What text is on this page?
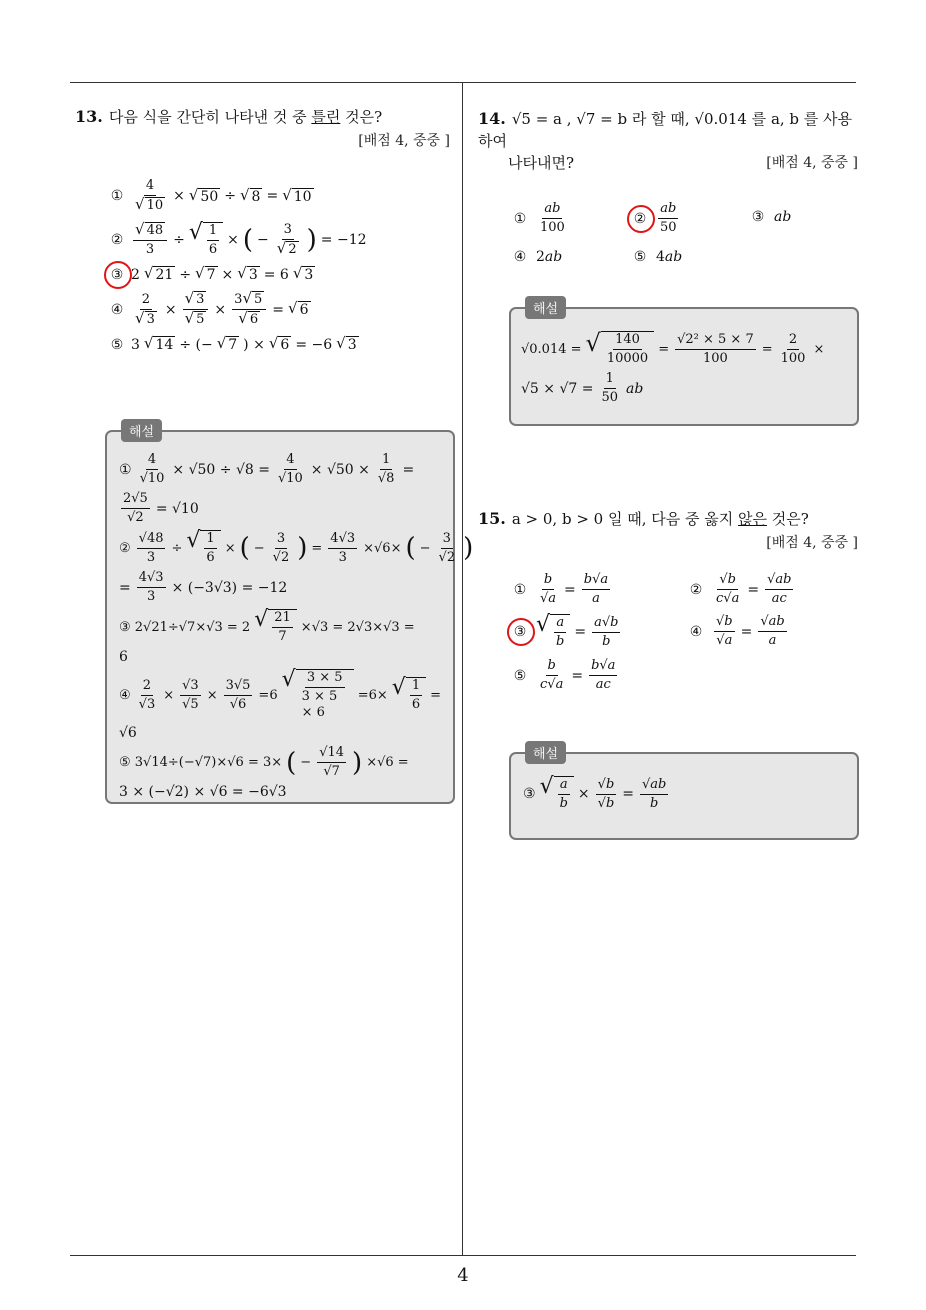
13. 다음 식을 간단히 나타낸 것 중 틀린 것은?

[배점 4, 중중 ]
① $\frac{4}{√ 10}$ × √ 50 ÷ √ 8 = √ 10
② $\frac{√ 48}{3}$ ÷ √ $\frac{1}{6}$ × ( − $\frac{3}{√ 2}$ ) = −12
③ 2 √ 21 ÷ √ 7 × √ 3 = 6 √ 3
④ $\frac{2}{√ 3} \times \frac{√ 3}{√ 5} \times \frac{3 √ 5}{√ 6}$ = √ 6
⑤ 3 √ 14 ÷ (− √ 7 ) × √ 6 = −6 √ 3
해설
① $\frac{4}{√10} \times √50 \div √8 = \frac{4}{√10} \times √50 \times \frac{1}{√8}$ =
$\frac{2√5}{√2} = √10$
② $\frac{√48}{3}$ ÷ √ $\frac{1}{6}$ × ( − $\frac{3}{√2}$ ) = $\frac{4√3}{3} \times√6\times$ ( − $\frac{3}{√2}$ )
= $\frac{4√3}{3} \times (-3√3) = -12$
③ 2√21÷√7×√3 = 2 √ $\frac{21}{7} \times√3 = 2√3\times√3$ =
6
④ $\frac{2}{√3} \times \frac{√3}{√5} \times \frac{3√5}{√6} =6$
√ $\frac{3 \times 5}{3 \times 5 \times 6} =6\times$ √ $\frac{1}{6}$ =
√6
⑤ 3√14÷(−√7)×√6 = 3× ( − $\frac{√14}{√7}$ ) ×√6 =
3 × (−√2) × √6 = −6√3

14. √5 = a , √7 = b 라 할 때, √0.014 를 a, b 를 사용하여

나타내면?	[배점 4, 중중 ]
① $\frac{ab}{100}$	② $\frac{ab}{50}$	③ ab
④ 2ab	⑤ 4ab
해설
√0.014 = √ $\frac{140}{10000} = \frac{\text{√2² × 5 × 7}}{100} = \frac{2}{100}$ ×
$√5 \times √7 = \frac{1}{50}$ ab

15. a > 0, b > 0 일 때, 다음 중 옳지 않은 것은?

[배점 4, 중중 ]
① $\frac{b}{√a} = \frac{b√a}{a}$	② $\frac{√b}{c√a} = \frac{√ab}{ac}$
③ √ $\frac{a}{b} = \frac{a√b}{b}$	④ $\frac{√b}{√a} = \frac{√ab}{a}$
⑤ $\frac{b}{c√a} = \frac{b√a}{ac}$
해설
③ √ $\frac{a}{b} \times \frac{√b}{√b} = \frac{√ab}{b}$
4
